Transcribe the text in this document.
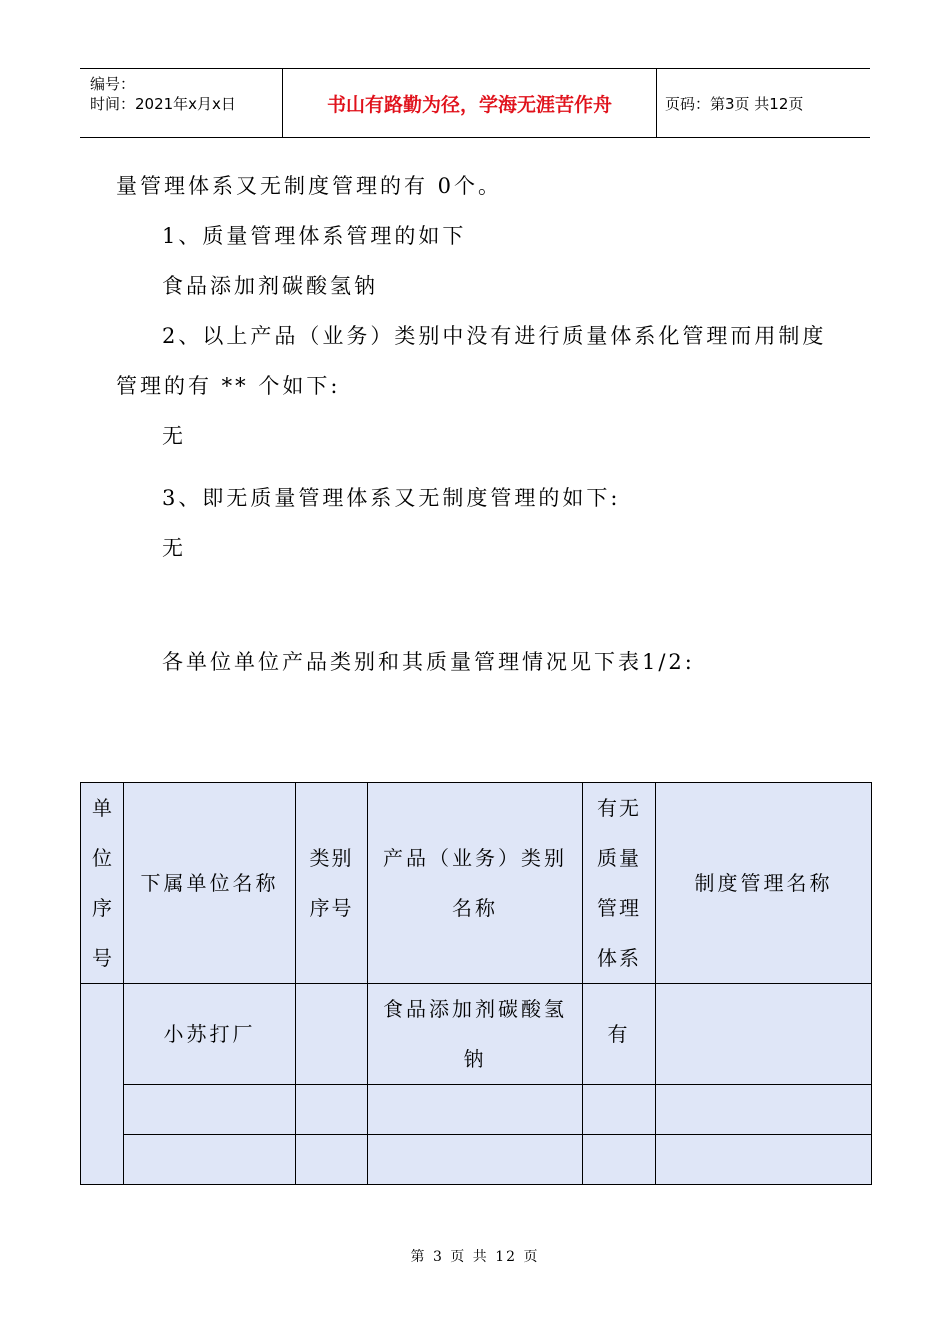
编号：
时间：2021年x月x日	书山有路勤为径，学海无涯苦作舟	页码：第3页 共12页
量管理体系又无制度管理的有 0个。
1、质量管理体系管理的如下
食品添加剂碳酸氢钠
2、以上产品（业务）类别中没有进行质量体系化管理而用制度
管理的有 ** 个如下:
无
3、即无质量管理体系又无制度管理的如下:
无
各单位单位产品类别和其质量管理情况见下表1/2:
单位序号	下属单位名称	类别序号	产品（业务）类别名称	有无质量管理体系	制度管理名称
	小苏打厂		食品添加剂碳酸氢钠	有	

第 3 页 共 12 页
